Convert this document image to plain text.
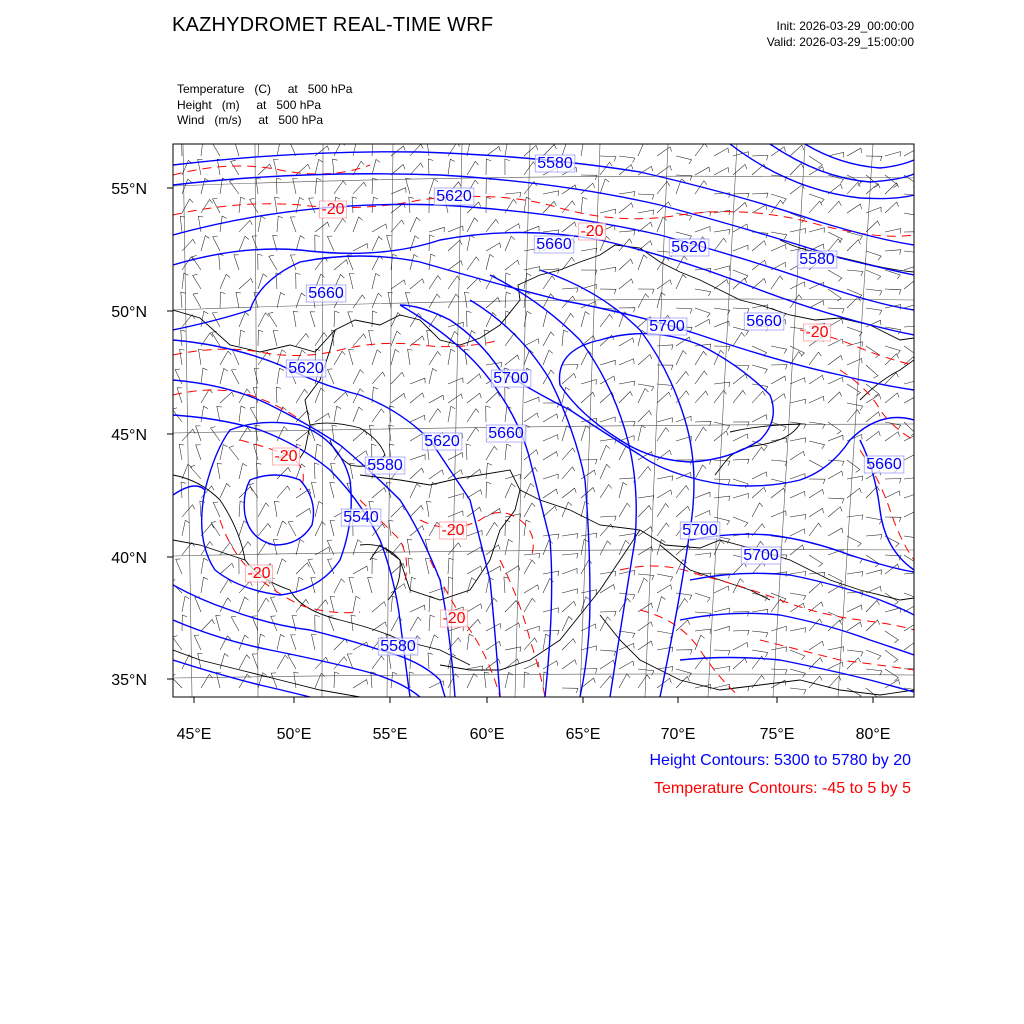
KAZHYDROMET REAL-TIME WRF	Init: 2026-03-29_00:00:00
Valid: 2026-03-29_15:00:00
Temperature   (C)     at   500 hPa
Height   (m)     at   500 hPa
Wind   (m/s)     at   500 hPa
55°N
50°N
45°N
40°N
35°N
45°E	50°E	55°E	60°E	65°E	70°E	75°E	80°E
5580
5620
5660	5620
5580
5660
5700	5660
5620
5700
5620 5660
5580
5540
5700
5700
5660
5580
-20
-20
-20
-20
-20
-20
-20
Height Contours: 5300 to 5780 by 20
Temperature Contours: -45 to 5 by 5
